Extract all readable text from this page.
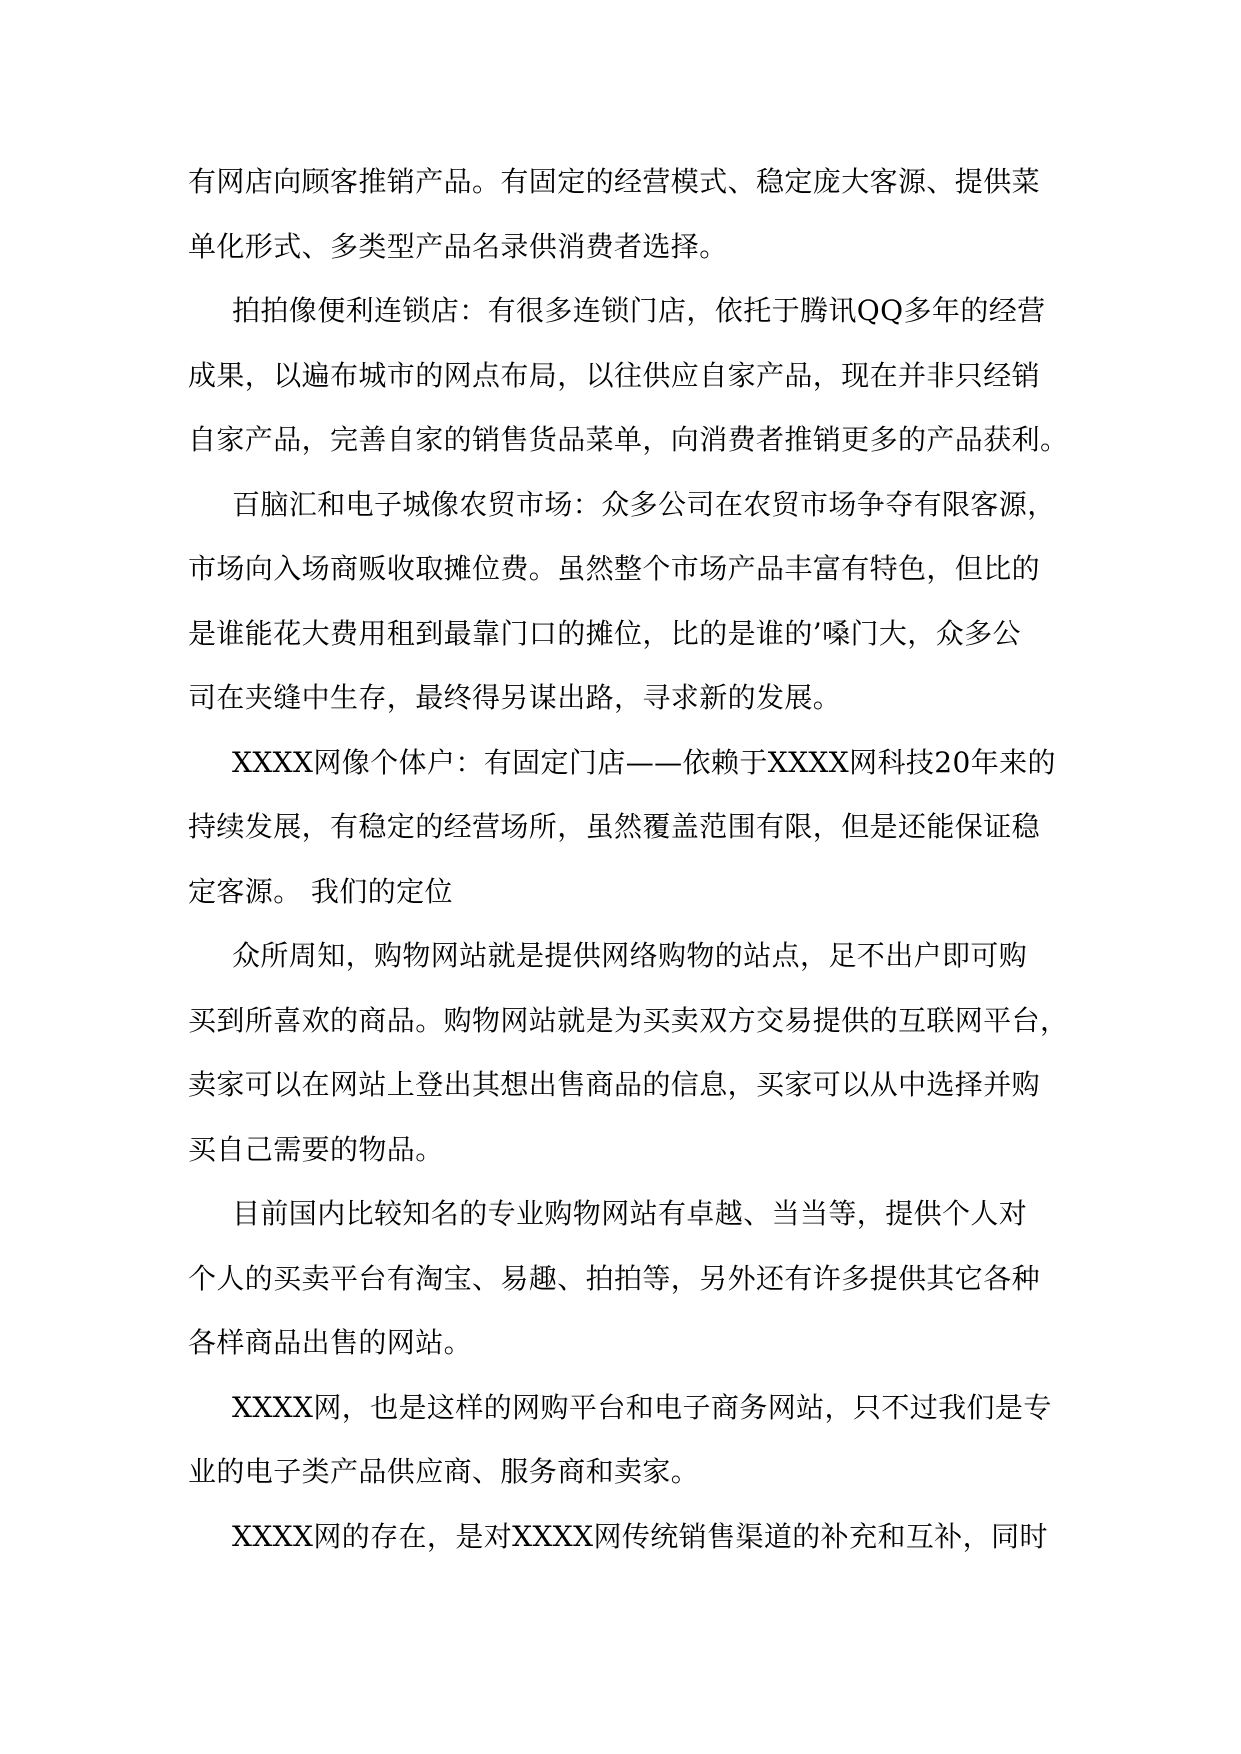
有网店向顾客推销产品。有固定的经营模式、稳定庞大客源、提供菜
单化形式、多类型产品名录供消费者选择。
拍拍像便利连锁店：有很多连锁门店，依托于腾讯QQ多年的经营
成果，以遍布城市的网点布局，以往供应自家产品，现在并非只经销
自家产品，完善自家的销售货品菜单，向消费者推销更多的产品获利。
百脑汇和电子城像农贸市场：众多公司在农贸市场争夺有限客源，
市场向入场商贩收取摊位费。虽然整个市场产品丰富有特色，但比的
是谁能花大费用租到最靠门口的摊位，比的是谁的’嗓门大，众多公
司在夹缝中生存，最终得另谋出路，寻求新的发展。
XXXX网像个体户：有固定门店——依赖于XXXX网科技20年来的
持续发展，有稳定的经营场所，虽然覆盖范围有限，但是还能保证稳
定客源。 我们的定位
众所周知，购物网站就是提供网络购物的站点，足不出户即可购
买到所喜欢的商品。购物网站就是为买卖双方交易提供的互联网平台，
卖家可以在网站上登出其想出售商品的信息，买家可以从中选择并购
买自己需要的物品。
目前国内比较知名的专业购物网站有卓越、当当等，提供个人对
个人的买卖平台有淘宝、易趣、拍拍等，另外还有许多提供其它各种
各样商品出售的网站。
XXXX网，也是这样的网购平台和电子商务网站，只不过我们是专
业的电子类产品供应商、服务商和卖家。
XXXX网的存在，是对XXXX网传统销售渠道的补充和互补，同时
